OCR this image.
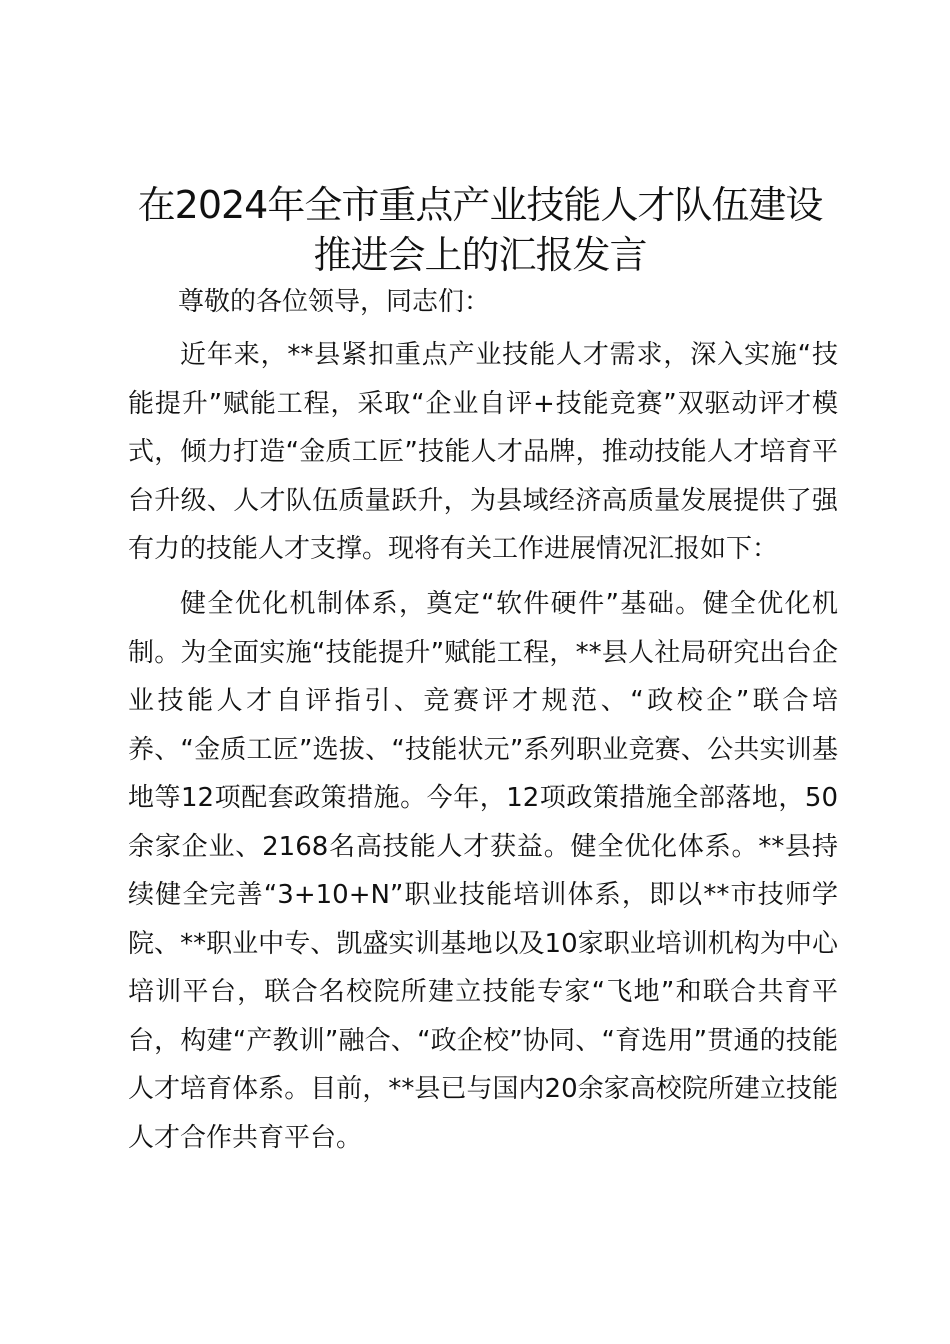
在2024年全市重点产业技能人才队伍建设推进会上的汇报发言
尊敬的各位领导，同志们：

近年来，**县紧扣重点产业技能人才需求，深入实施“技能提升”赋能工程，采取“企业自评+技能竞赛”双驱动评才模式，倾力打造“金质工匠”技能人才品牌，推动技能人才培育平台升级、人才队伍质量跃升，为县域经济高质量发展提供了强有力的技能人才支撑。现将有关工作进展情况汇报如下：

健全优化机制体系，奠定“软件硬件”基础。健全优化机制。为全面实施“技能提升”赋能工程，**县人社局研究出台企业技能人才自评指引、竞赛评才规范、“政校企”联合培养、“金质工匠”选拔、“技能状元”系列职业竞赛、公共实训基地等12项配套政策措施。今年，12项政策措施全部落地，50余家企业、2168名高技能人才获益。健全优化体系。**县持续健全完善“3+10+N”职业技能培训体系，即以**市技师学院、**职业中专、凯盛实训基地以及10家职业培训机构为中心培训平台，联合名校院所建立技能专家“飞地”和联合共育平台，构建“产教训”融合、“政企校”协同、“育选用”贯通的技能人才培育体系。目前，**县已与国内20余家高校院所建立技能人才合作共育平台。
